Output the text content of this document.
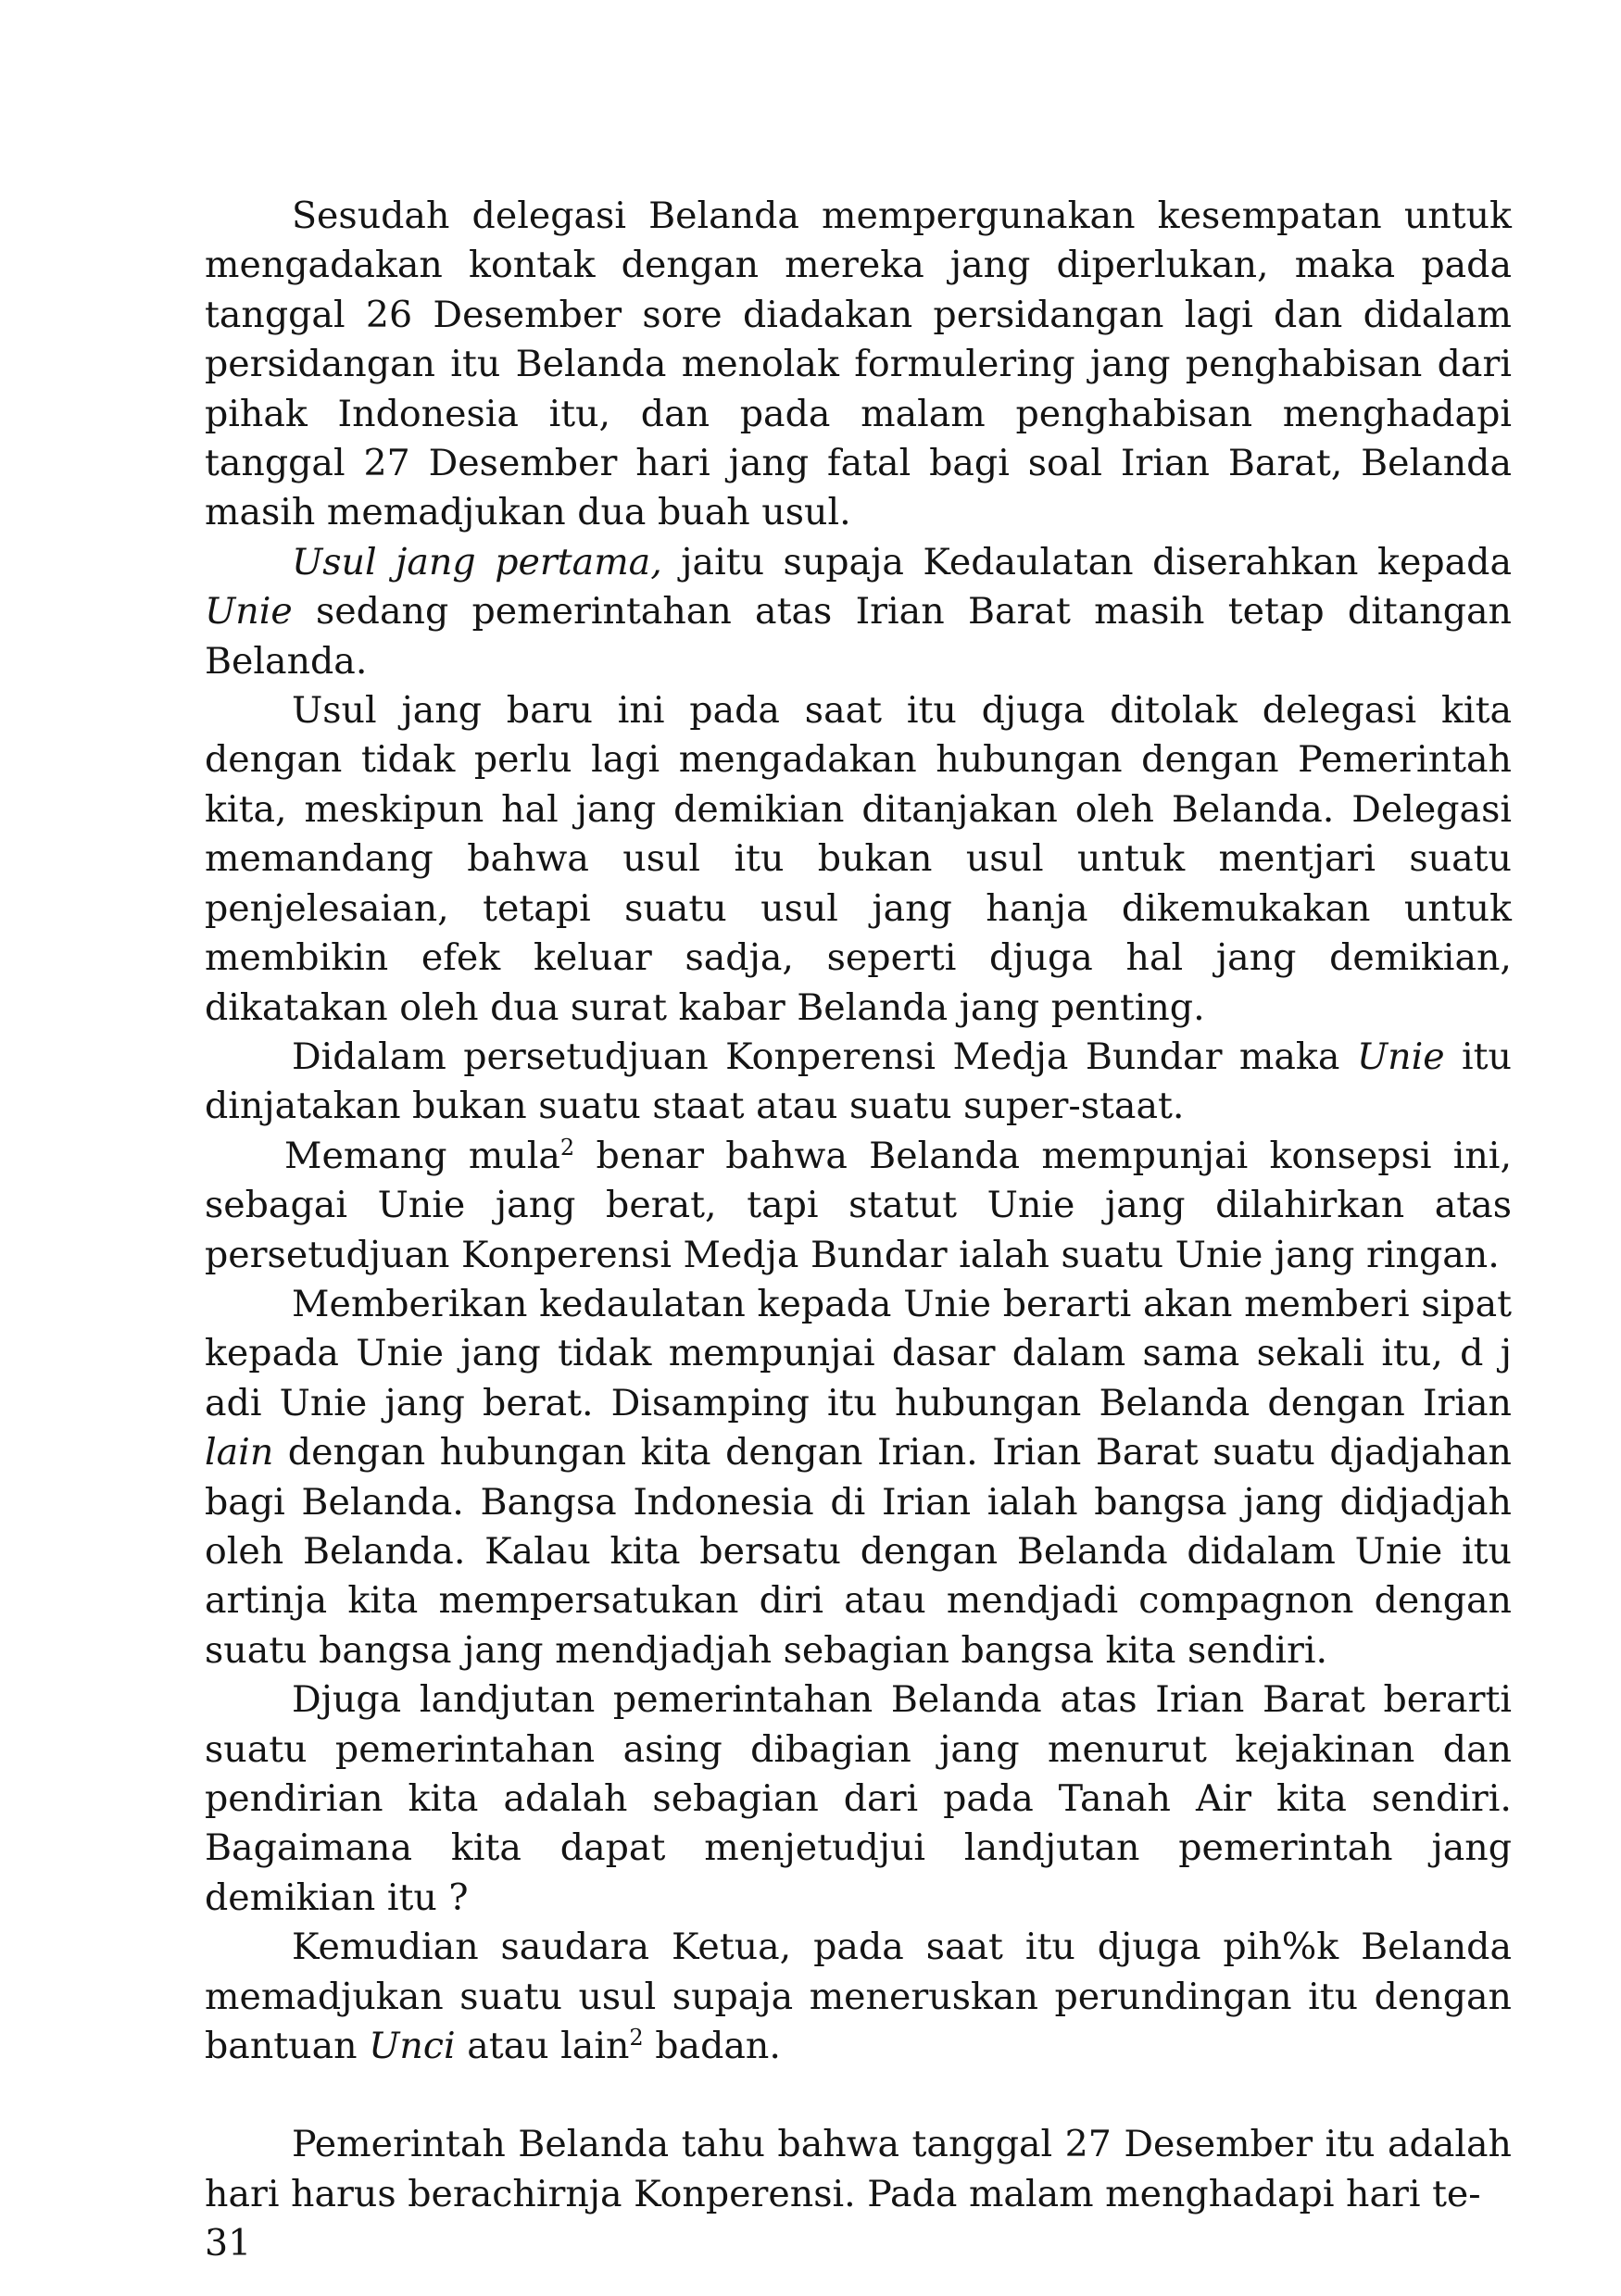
Sesudah delegasi Belanda mempergunakan kesempatan untuk mengadakan kontak dengan mereka jang diperlukan, maka pada tanggal 26 Desember sore diadakan persidangan lagi dan didalam persidangan itu Belanda menolak formulering jang penghabisan dari pihak Indonesia itu, dan pada malam penghabisan menghadapi tanggal 27 Desember hari jang fatal bagi soal Irian Barat, Belanda masih memadjukan dua buah usul.

Usul jang pertama, jaitu supaja Kedaulatan diserahkan kepada Unie sedang pemerintahan atas Irian Barat masih tetap ditangan Belanda.

Usul jang baru ini pada saat itu djuga ditolak delegasi kita dengan tidak perlu lagi mengadakan hubungan dengan Pemerintah kita, meskipun hal jang demikian ditanjakan oleh Belanda. Delegasi memandang bahwa usul itu bukan usul untuk mentjari suatu penjelesaian, tetapi suatu usul jang hanja dikemukakan untuk membikin efek keluar sadja, seperti djuga hal jang demikian, dikatakan oleh dua surat kabar Belanda jang penting.

Didalam persetudjuan Konperensi Medja Bundar maka Unie itu dinjatakan bukan suatu staat atau suatu super-staat.

Memang mula$^2$ benar bahwa Belanda mempunjai konsepsi ini, sebagai Unie jang berat, tapi statut Unie jang dilahirkan atas persetudjuan Konperensi Medja Bundar ialah suatu Unie jang ringan.

Memberikan kedaulatan kepada Unie berarti akan memberi sipat kepada Unie jang tidak mempunjai dasar dalam sama sekali itu, d j adi Unie jang berat. Disamping itu hubungan Belanda dengan Irian lain dengan hubungan kita dengan Irian. Irian Barat suatu djadjahan bagi Belanda. Bangsa Indonesia di Irian ialah bangsa jang didjadjah oleh Belanda. Kalau kita bersatu dengan Belanda didalam Unie itu artinja kita mempersatukan diri atau mendjadi compagnon dengan suatu bangsa jang mendjadjah sebagian bangsa kita sendiri.

Djuga landjutan pemerintahan Belanda atas Irian Barat berarti suatu pemerintahan asing dibagian jang menurut kejakinan dan pendirian kita adalah sebagian dari pada Tanah Air kita sendiri. Bagaimana kita dapat menjetudjui landjutan pemerintah jang demikian itu ?

Kemudian saudara Ketua, pada saat itu djuga pih%k Belanda memadjukan suatu usul supaja meneruskan perundingan itu dengan bantuan Unci atau lain$^2$ badan.

Pemerintah Belanda tahu bahwa tanggal 27 Desember itu adalah hari harus berachirnja Konperensi. Pada malam menghadapi hari te-

31
